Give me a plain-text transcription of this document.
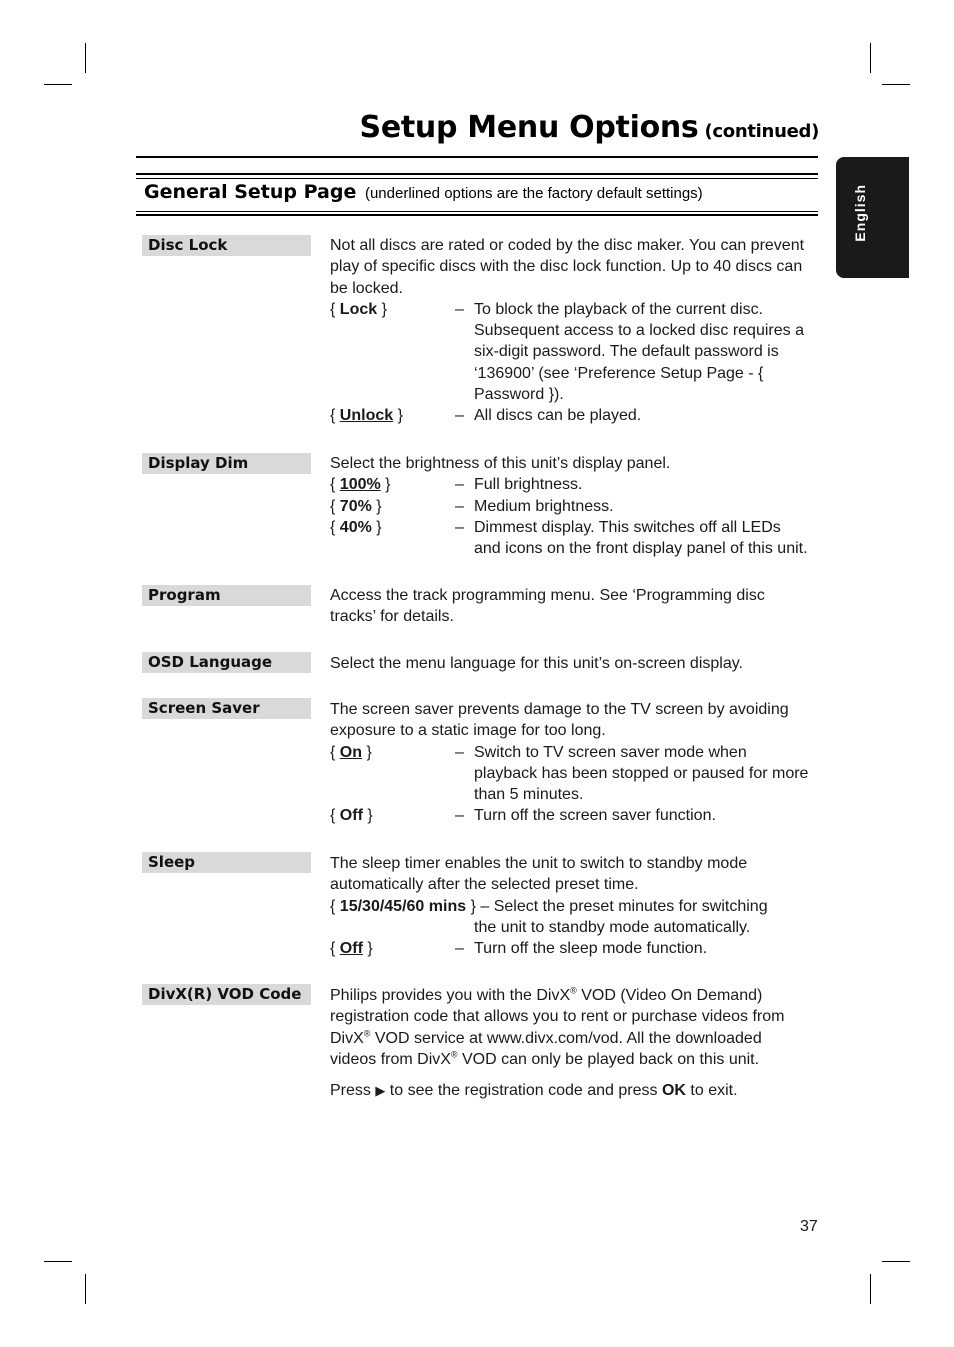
Setup Menu Options (continued)
General Setup Page (underlined options are the factory default settings)	English
Disc Lock	Not all discs are rated or coded by the disc maker. You can prevent play of specific discs with the disc lock function. Up to 40 discs can be locked.

{ Lock }	– To block the playback of the current disc. Subsequent access to a locked disc requires a six-digit password. The default password is ‘136900’ (see ‘Preference Setup Page - { Password }).
{ Unlock }	– All discs can be played.
Display Dim	Select the brightness of this unit’s display panel.

{ 100% }	– Full brightness.
{ 70% }	– Medium brightness.
{ 40% }	– Dimmest display. This switches off all LEDs and icons on the front display panel of this unit.
Program	Access the track programming menu. See ‘Programming disc tracks’ for details.

OSD Language	Select the menu language for this unit’s on-screen display.

Screen Saver	The screen saver prevents damage to the TV screen by avoiding exposure to a static image for too long.

{ On }	– Switch to TV screen saver mode when playback has been stopped or paused for more than 5 minutes.
{ Off }	– Turn off the screen saver function.
Sleep	The sleep timer enables the unit to switch to standby mode automatically after the selected preset time.

{ 15/30/45/60 mins } – Select the preset minutes for switching

the unit to standby mode automatically.

{ Off }	– Turn off the sleep mode function.
DivX(R) VOD Code	Philips provides you with the DivX® VOD (Video On Demand) registration code that allows you to rent or purchase videos from DivX® VOD service at www.divx.com/vod. All the downloaded videos from DivX® VOD can only be played back on this unit.

Press ▶ to see the registration code and press OK to exit.

37
